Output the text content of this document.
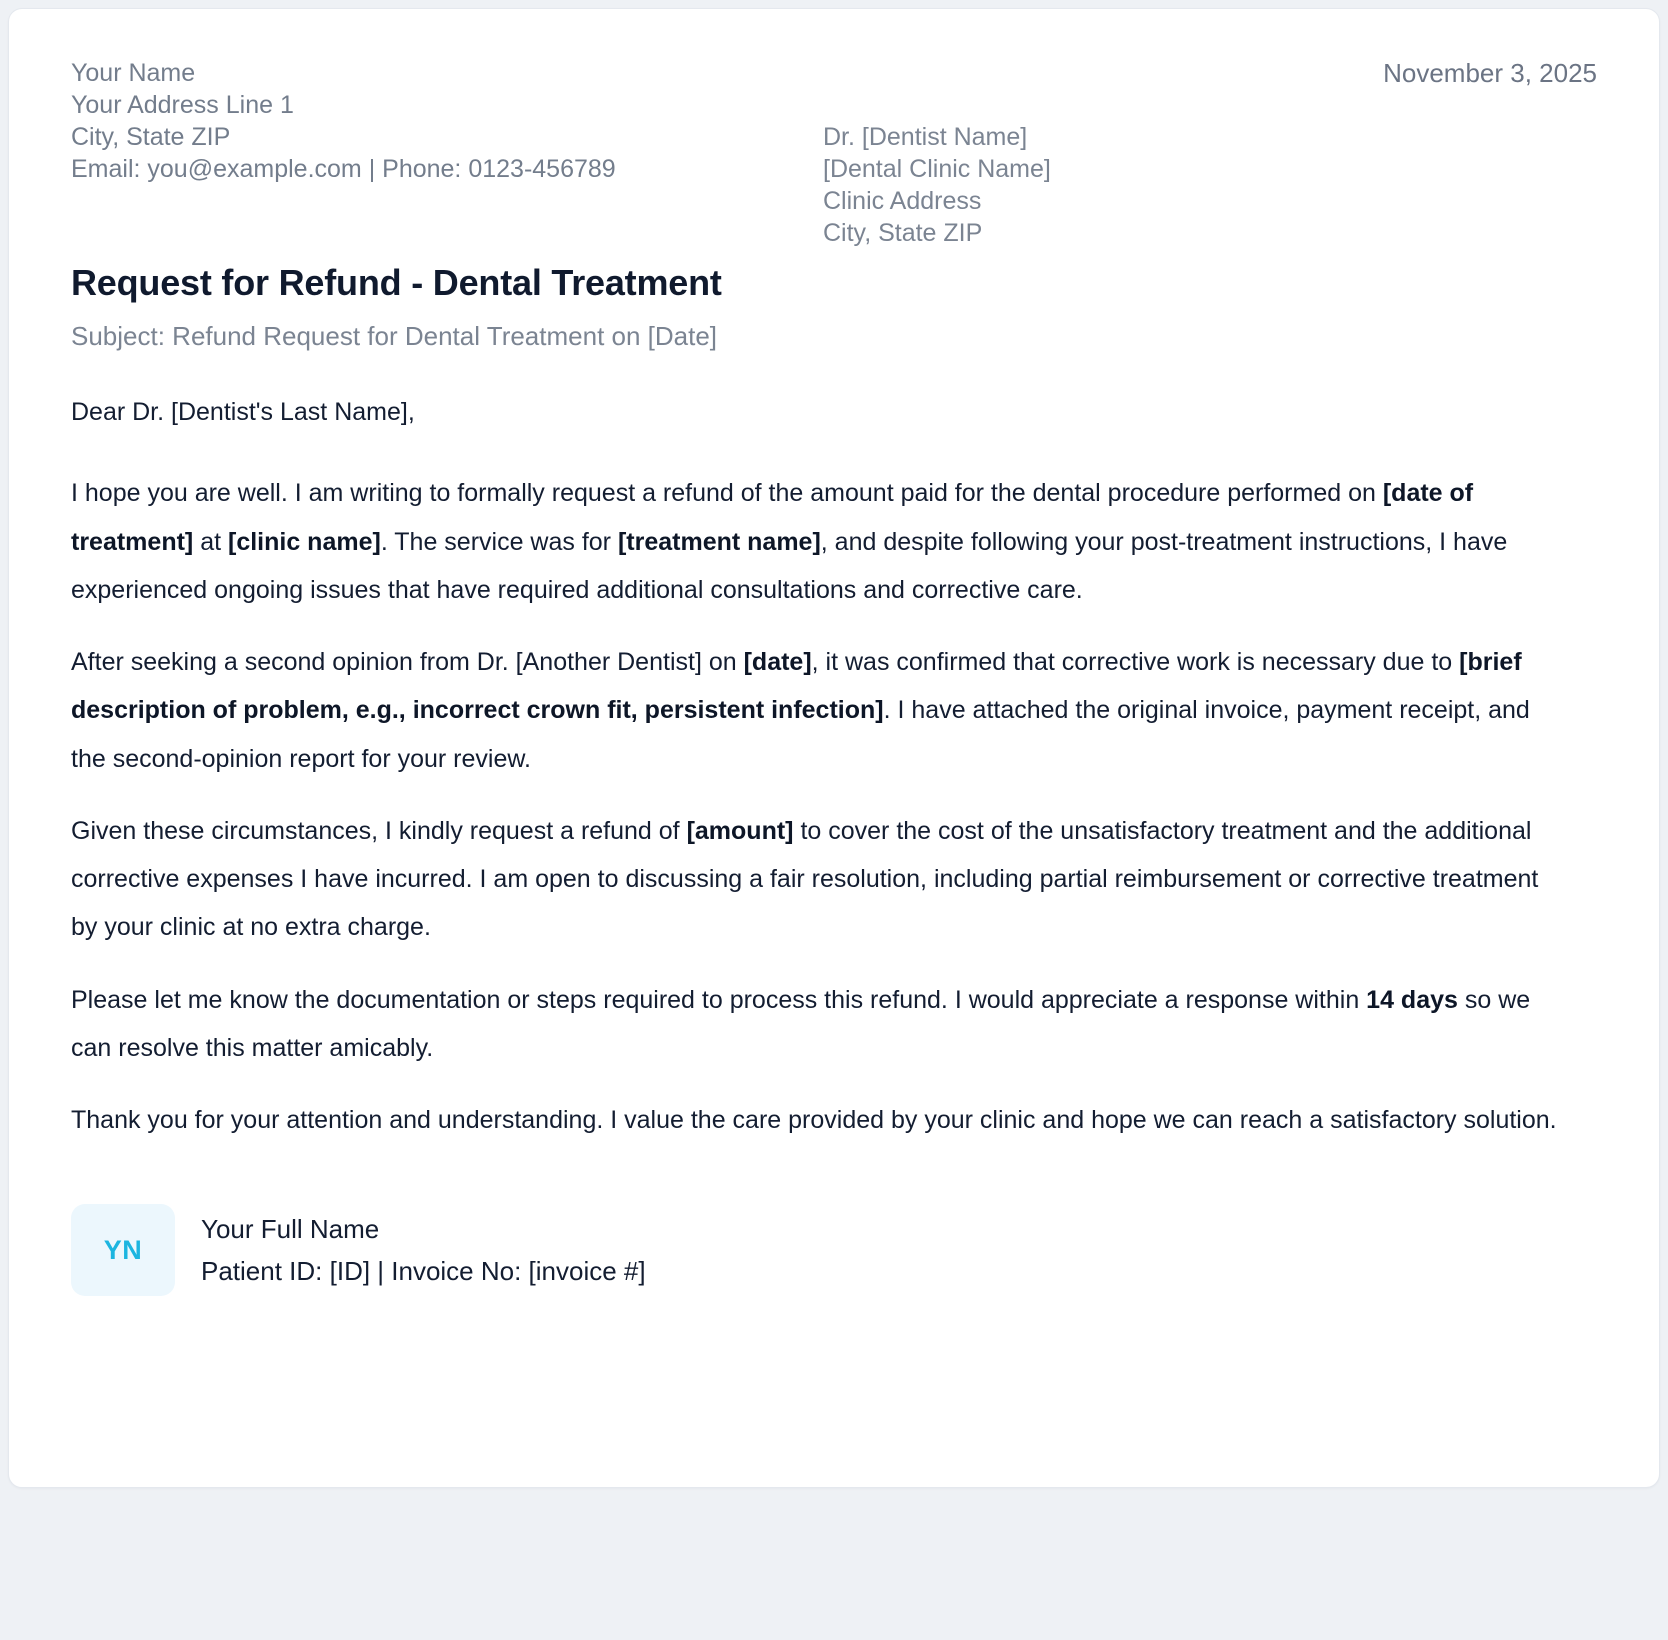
Your Name
Your Address Line 1
City, State ZIP
Email: you@example.com | Phone: 0123-456789
November 3, 2025
Dr. [Dentist Name]
[Dental Clinic Name]
Clinic Address
City, State ZIP
Request for Refund - Dental Treatment
Subject: Refund Request for Dental Treatment on [Date]

Dear Dr. [Dentist's Last Name],

I hope you are well. I am writing to formally request a refund of the amount paid for the dental procedure performed on [date of treatment] at [clinic name]. The service was for [treatment name], and despite following your post-treatment instructions, I have experienced ongoing issues that have required additional consultations and corrective care.

After seeking a second opinion from Dr. [Another Dentist] on [date], it was confirmed that corrective work is necessary due to [brief description of problem, e.g., incorrect crown fit, persistent infection]. I have attached the original invoice, payment receipt, and the second-opinion report for your review.

Given these circumstances, I kindly request a refund of [amount] to cover the cost of the unsatisfactory treatment and the additional corrective expenses I have incurred. I am open to discussing a fair resolution, including partial reimbursement or corrective treatment by your clinic at no extra charge.

Please let me know the documentation or steps required to process this refund. I would appreciate a response within 14 days so we can resolve this matter amicably.

Thank you for your attention and understanding. I value the care provided by your clinic and hope we can reach a satisfactory solution.

YN
Your Full Name
Patient ID: [ID] | Invoice No: [invoice #]
